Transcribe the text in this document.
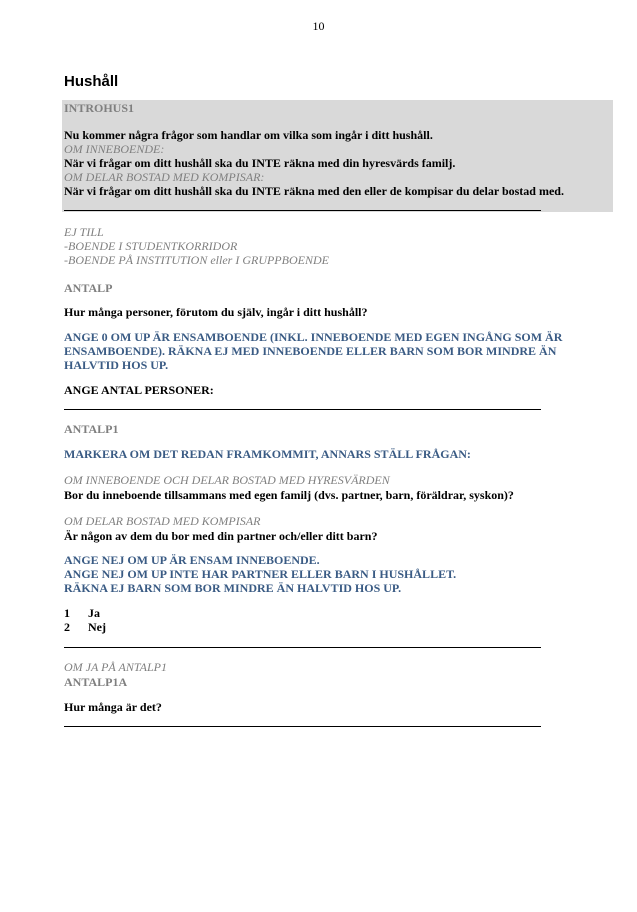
10
Hushåll
INTROHUS1
Nu kommer några frågor som handlar om vilka som ingår i ditt hushåll.
OM INNEBOENDE:
När vi frågar om ditt hushåll ska du INTE räkna med din hyresvärds familj.
OM DELAR BOSTAD MED KOMPISAR:
När vi frågar om ditt hushåll ska du INTE räkna med den eller de kompisar du delar bostad med.
EJ TILL
-BOENDE I STUDENTKORRIDOR
-BOENDE PÅ INSTITUTION eller I GRUPPBOENDE
ANTALP
Hur många personer, förutom du själv, ingår i ditt hushåll?
ANGE 0 OM UP ÄR ENSAMBOENDE (INKL. INNEBOENDE MED EGEN INGÅNG SOM ÄR
ENSAMBOENDE). RÄKNA EJ MED INNEBOENDE ELLER BARN SOM BOR MINDRE ÄN
HALVTID HOS UP.
ANGE ANTAL PERSONER:
ANTALP1
MARKERA OM DET REDAN FRAMKOMMIT, ANNARS STÄLL FRÅGAN:
OM INNEBOENDE OCH DELAR BOSTAD MED HYRESVÄRDEN
Bor du inneboende tillsammans med egen familj (dvs. partner, barn, föräldrar, syskon)?
OM DELAR BOSTAD MED KOMPISAR
Är någon av dem du bor med din partner och/eller ditt barn?
ANGE NEJ OM UP ÄR ENSAM INNEBOENDE.
ANGE NEJ OM UP INTE HAR PARTNER ELLER BARN I HUSHÅLLET.
RÄKNA EJ BARN SOM BOR MINDRE ÄN HALVTID HOS UP.
1 Ja
2 Nej
OM JA PÅ ANTALP1
ANTALP1A
Hur många är det?
